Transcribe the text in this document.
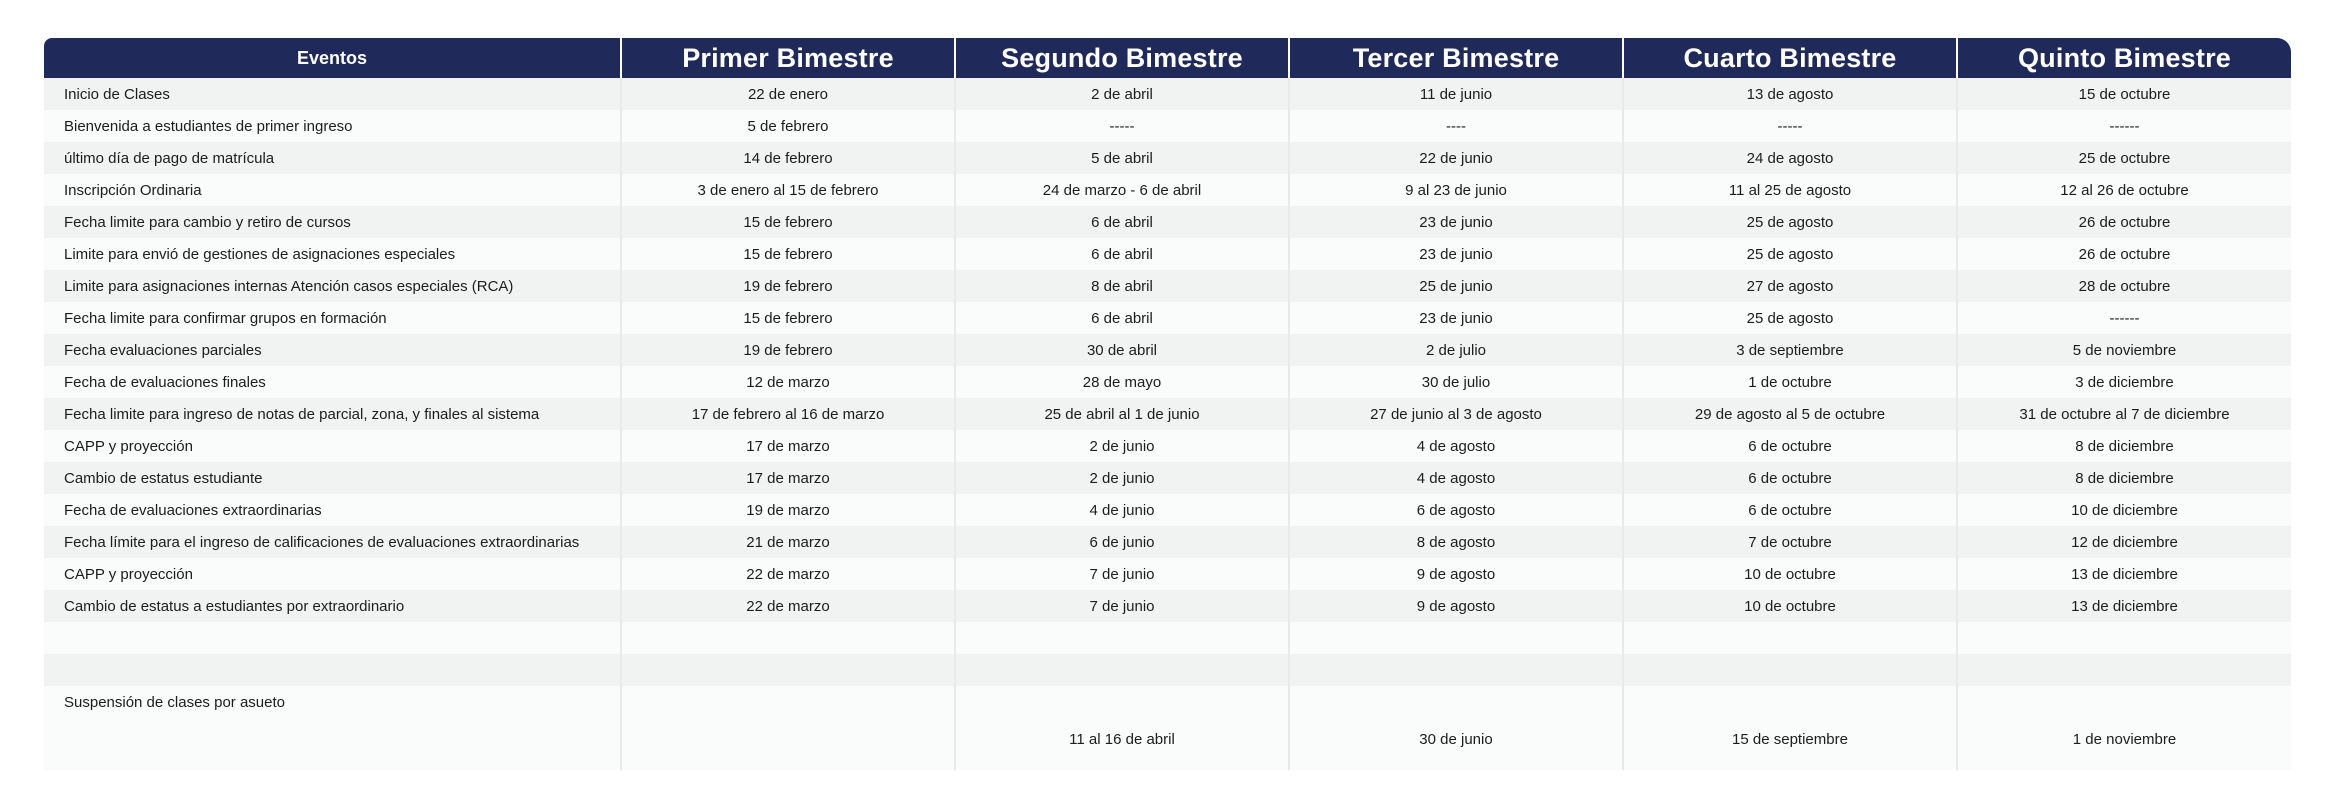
Eventos	Primer Bimestre	Segundo Bimestre	Tercer Bimestre	Cuarto Bimestre	Quinto Bimestre
Inicio de Clases	22 de enero	2 de abril	11 de junio	13 de agosto	15 de octubre
Bienvenida a estudiantes de primer ingreso	5 de febrero	-----	----	-----	------
último día de pago de matrícula	14 de febrero	5 de abril	22 de junio	24 de agosto	25 de octubre
Inscripción Ordinaria	3 de enero al 15 de febrero	24 de marzo - 6 de abril	9 al 23 de junio	11 al 25 de agosto	12 al 26 de octubre
Fecha limite para cambio y retiro de cursos	15 de febrero	6 de abril	23 de junio	25 de agosto	26 de octubre
Limite para envió de gestiones de asignaciones especiales	15 de febrero	6 de abril	23 de junio	25 de agosto	26 de octubre
Limite para asignaciones internas Atención casos especiales (RCA)	19 de febrero	8 de abril	25 de junio	27 de agosto	28 de octubre
Fecha limite para confirmar grupos en formación	15 de febrero	6 de abril	23 de junio	25 de agosto	------
Fecha evaluaciones parciales	19 de febrero	30 de abril	2 de julio	3 de septiembre	5 de noviembre
Fecha de evaluaciones finales	12 de marzo	28 de mayo	30 de julio	1 de octubre	3 de diciembre
Fecha limite para ingreso de notas de parcial, zona, y finales al sistema	17 de febrero al 16 de marzo	25 de abril al 1 de junio	27 de junio al 3 de agosto	29 de agosto al 5 de octubre	31 de octubre al 7 de diciembre
CAPP y proyección	17 de marzo	2 de junio	4 de agosto	6 de octubre	8 de diciembre
Cambio de estatus estudiante	17 de marzo	2 de junio	4 de agosto	6 de octubre	8 de diciembre
Fecha de evaluaciones extraordinarias	19 de marzo	4 de junio	6 de agosto	6 de octubre	10 de diciembre
Fecha límite para el ingreso de calificaciones de evaluaciones extraordinarias	21 de marzo	6 de junio	8 de agosto	7 de octubre	12 de diciembre
CAPP y proyección	22 de marzo	7 de junio	9 de agosto	10 de octubre	13 de diciembre
Cambio de estatus a estudiantes por extraordinario	22 de marzo	7 de junio	9 de agosto	10 de octubre	13 de diciembre

Suspensión de clases por asueto		11 al 16 de abril	30 de junio	15 de septiembre	1 de noviembre
